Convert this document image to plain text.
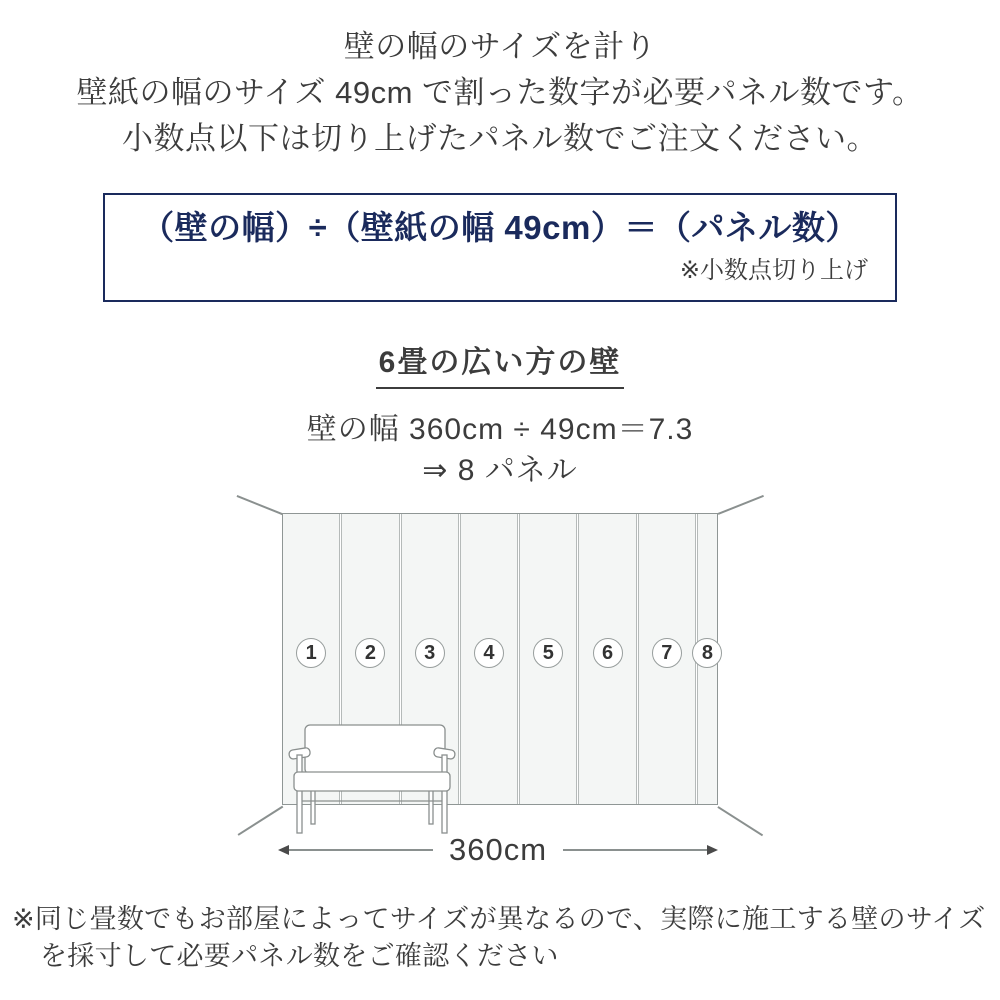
壁の幅のサイズを計り
壁紙の幅のサイズ 49cm で割った数字が必要パネル数です。
小数点以下は切り上げたパネル数でご注文ください。
（壁の幅）÷（壁紙の幅 49cm）＝（パネル数）
※小数点切り上げ
6畳の広い方の壁
壁の幅 360cm ÷ 49cm＝7.3
⇒ 8 パネル
1	2	3	4	5	6	7	8
360cm
※同じ畳数でもお部屋によってサイズが異なるので、実際に施工する壁のサイズ
を採寸して必要パネル数をご確認ください
